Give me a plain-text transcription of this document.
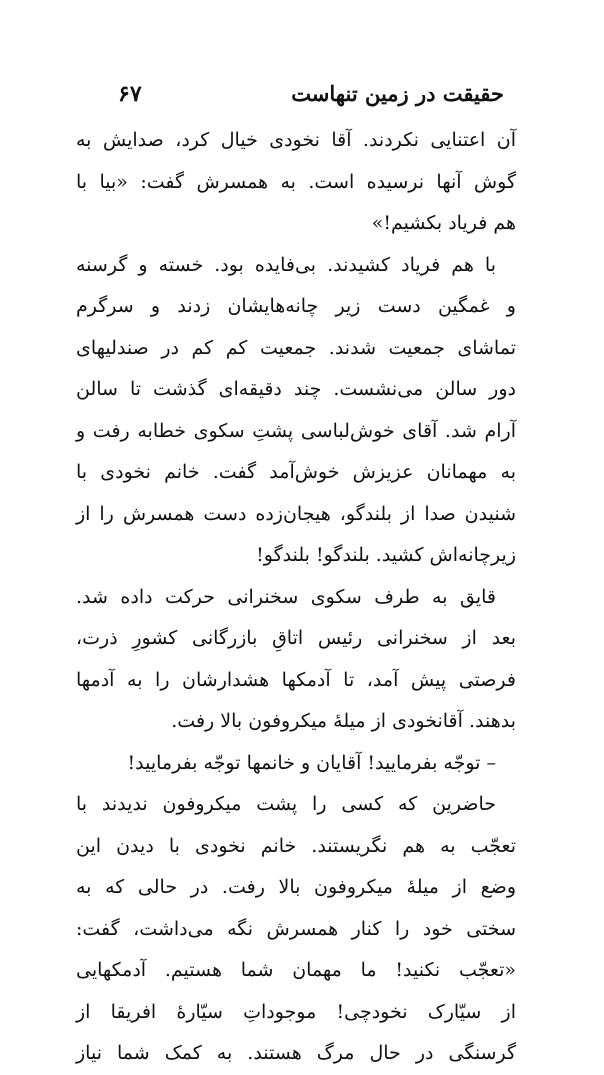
حقیقت در زمین تنهاست
۶۷
آن اعتنایی نکردند. آقا نخودی خیال کرد، صدایش به
گوش آنها نرسیده است. به همسرش گفت: «بیا با
هم فریاد بکشیم!»
با هم فریاد کشیدند. بی‌فایده بود. خسته و گرسنه
و غمگین دست زیر چانه‌هایشان زدند و سرگرم
تماشای جمعیت شدند. جمعیت کم کم در صندلیهای
دور سالن می‌نشست. چند دقیقه‌ای گذشت تا سالن
آرام شد. آقای خوش‌لباسی پشتِ سکوی خطابه رفت و
به مهمانان عزیزش خوش‌آمد گفت. خانم نخودی با
شنیدن صدا از بلندگو، هیجان‌زده دست همسرش را از
زیرچانه‌اش کشید. بلندگو! بلندگو!
قایق به طرف سکوی سخنرانی حرکت داده شد.
بعد از سخنرانی رئیس اتاقِ بازرگانی کشورِ ذرت،
فرصتی پیش آمد، تا آدمکها هشدارشان را به آدمها
بدهند. آقانخودی از میلهٔ میکروفون بالا رفت.
– توجّه بفرمایید! آقایان و خانمها توجّه بفرمایید!
حاضرین که کسی را پشت میکروفون ندیدند با
تعجّب به هم نگریستند. خانم نخودی با دیدن این
وضع از میلهٔ میکروفون بالا رفت. در حالی که به
سختی خود را کنار همسرش نگه می‌داشت، گفت:
«تعجّب نکنید! ما مهمان شما هستیم. آدمکهایی
از سیّارک نخودچی! موجوداتِ سیّارهٔ افریقا از
گرسنگی در حال مرگ هستند. به کمک شما نیاز
